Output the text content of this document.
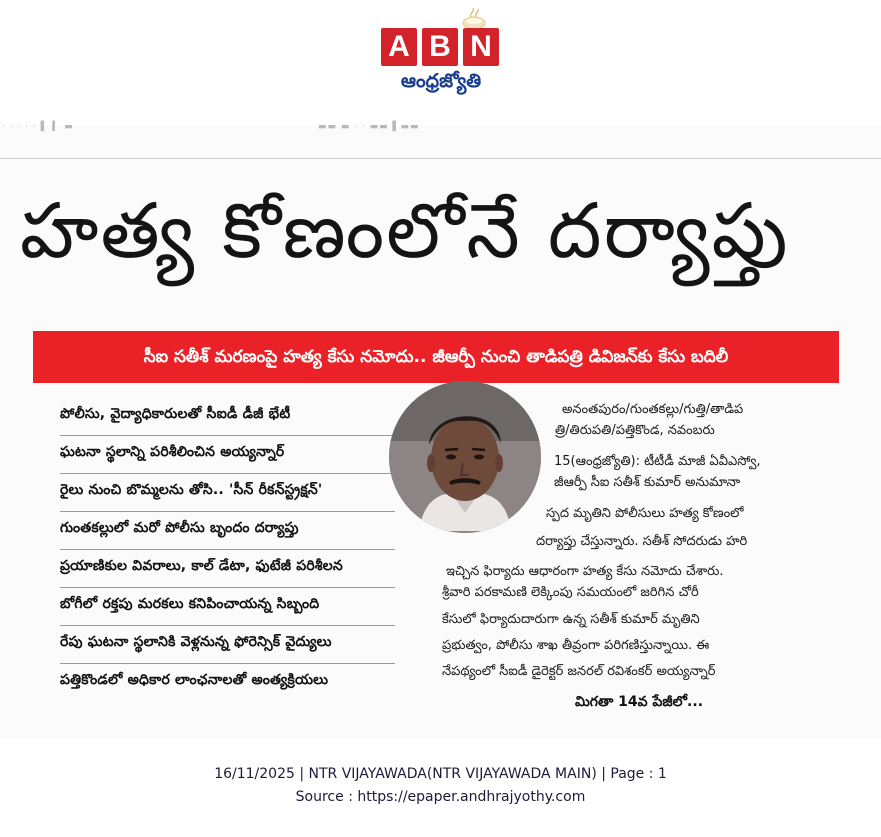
A B N
ఆంధ్రజ్యోతి
· · · · · ▌ ▍ ▬	▬▬ ▬ · · ▬▬ ▌▬▬
హత్య కోణంలోనే దర్యాప్తు
సీఐ సతీశ్ మరణంపై హత్య కేసు నమోదు.. జీఆర్పీ నుంచి తాడిపత్రి డివిజన్‌కు కేసు బదిలీ
పోలీసు, వైద్యాధికారులతో సీఐడీ డీజీ భేటీ
ఘటనా స్థలాన్ని పరిశీలించిన అయ్యన్నార్
రైలు నుంచి బొమ్మలను తోసి.. 'సీన్ రీకన్‌స్ట్రక్షన్'
గుంతకల్లులో మరో పోలీసు బృందం దర్యాప్తు
ప్రయాణికుల వివరాలు, కాల్ డేటా, ఫుటేజీ పరిశీలన
బోగీలో రక్తపు మరకలు కనిపించాయన్న సిబ్బంది
రేపు ఘటనా స్థలానికి వెళ్లనున్న ఫోరెన్సిక్ వైద్యులు
పత్తికొండలో అధికార లాంఛనాలతో అంత్యక్రియలు
అనంతపురం/గుంతకల్లు/గుత్తి/తాడిప
త్రి/తిరుపతి/పత్తికొండ, నవంబరు
15(ఆంధ్రజ్యోతి): టీటీడీ మాజీ ఏవీఎస్వో,
జీఆర్పీ సీఐ సతీశ్ కుమార్ అనుమానా
స్పద మృతిని పోలీసులు హత్య కోణంలో
దర్యాప్తు చేస్తున్నారు. సతీశ్ సోదరుడు హరి
ఇచ్చిన ఫిర్యాదు ఆధారంగా హత్య కేసు నమోదు చేశారు.
శ్రీవారి పరకామణి లెక్కింపు సమయంలో జరిగిన చోరీ
కేసులో ఫిర్యాదుదారుగా ఉన్న సతీశ్ కుమార్ మృతిని
ప్రభుత్వం, పోలీసు శాఖ తీవ్రంగా పరిగణిస్తున్నాయి. ఈ
నేపథ్యంలో సీఐడీ డైరెక్టర్ జనరల్ రవిశంకర్ అయ్యన్నార్
మిగతా 14వ పేజీలో...
16/11/2025 | NTR VIJAYAWADA(NTR VIJAYAWADA MAIN) | Page : 1
Source : https://epaper.andhrajyothy.com
